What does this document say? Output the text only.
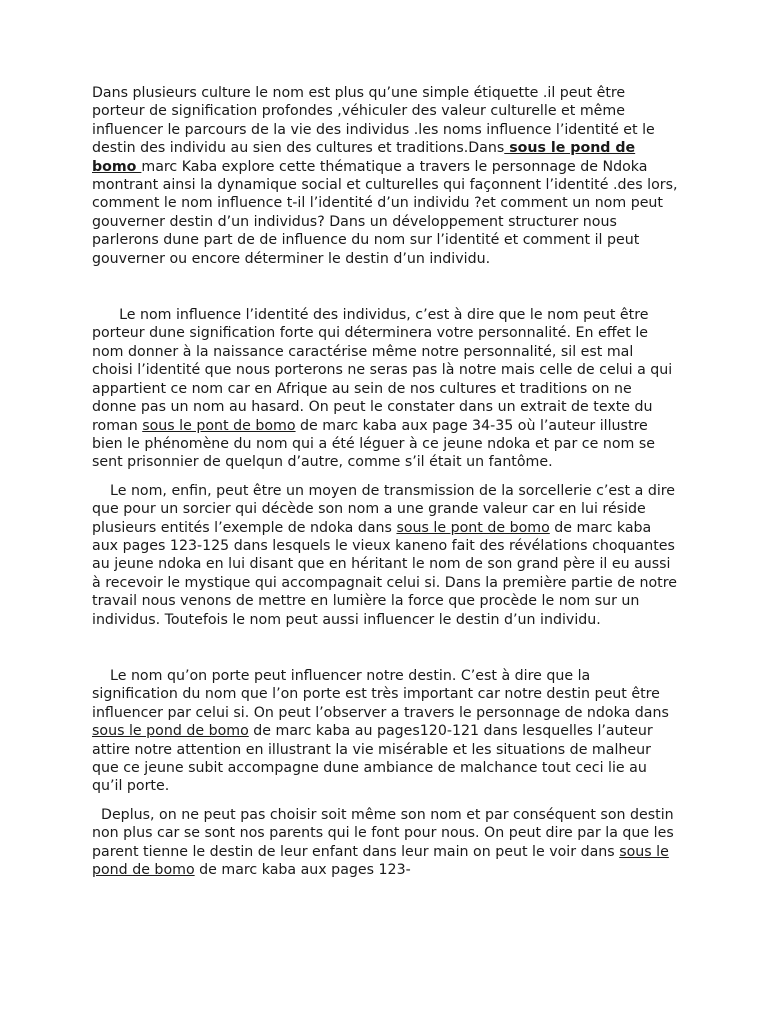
Dans plusieurs culture le nom est plus qu’une simple étiquette .il peut être porteur de signification profondes ,véhiculer des valeur culturelle et même influencer le parcours de la vie des individus .les noms influence l’identité et le destin des individu au sien des cultures et traditions.Dans sous le pond de bomo marc Kaba explore cette thématique a travers le personnage de Ndoka montrant ainsi la dynamique social et culturelles qui façonnent l’identité .des lors, comment le nom influence t-il l’identité d’un individu ?et comment un nom peut gouverner destin d’un individus? Dans un développement structurer nous parlerons dune part de de influence du nom sur l’identité et comment il peut gouverner ou encore déterminer le destin d’un individu.

Le nom influence l’identité des individus, c’est à dire que le nom peut être porteur dune signification forte qui déterminera votre personnalité. En effet le nom donner à la naissance caractérise même notre personnalité, sil est mal choisi l’identité que nous porterons ne seras pas là notre mais celle de celui a qui appartient ce nom car en Afrique au sein de nos cultures et traditions on ne donne pas un nom au hasard. On peut le constater dans un extrait de texte du roman sous le pont de bomo de marc kaba aux page 34-35 où l’auteur illustre bien le phénomène du nom qui a été léguer à ce jeune ndoka et par ce nom se sent prisonnier de quelqun d’autre, comme s’il était un fantôme.

Le nom, enfin, peut être un moyen de transmission de la sorcellerie c’est a dire que pour un sorcier qui décède son nom a une grande valeur car en lui réside plusieurs entités l’exemple de ndoka dans sous le pont de bomo de marc kaba aux pages 123-125 dans lesquels le vieux kaneno fait des révélations choquantes au jeune ndoka en lui disant que en héritant le nom de son grand père il eu aussi à recevoir le mystique qui accompagnait celui si. Dans la première partie de notre travail nous venons de mettre en lumière la force que procède le nom sur un individus. Toutefois le nom peut aussi influencer le destin d’un individu.

Le nom qu’on porte peut influencer notre destin. C’est à dire que la signification du nom que l’on porte est très important car notre destin peut être influencer par celui si. On peut l’observer a travers le personnage de ndoka dans sous le pond de bomo de marc kaba au pages120-121 dans lesquelles l’auteur attire notre attention en illustrant la vie misérable et les situations de malheur que ce jeune subit accompagne dune ambiance de malchance tout ceci lie au qu’il porte.

Deplus, on ne peut pas choisir soit même son nom et par conséquent son destin non plus car se sont nos parents qui le font pour nous. On peut dire par la que les parent tienne le destin de leur enfant dans leur main on peut le voir dans sous le pond de bomo de marc kaba aux pages 123-
